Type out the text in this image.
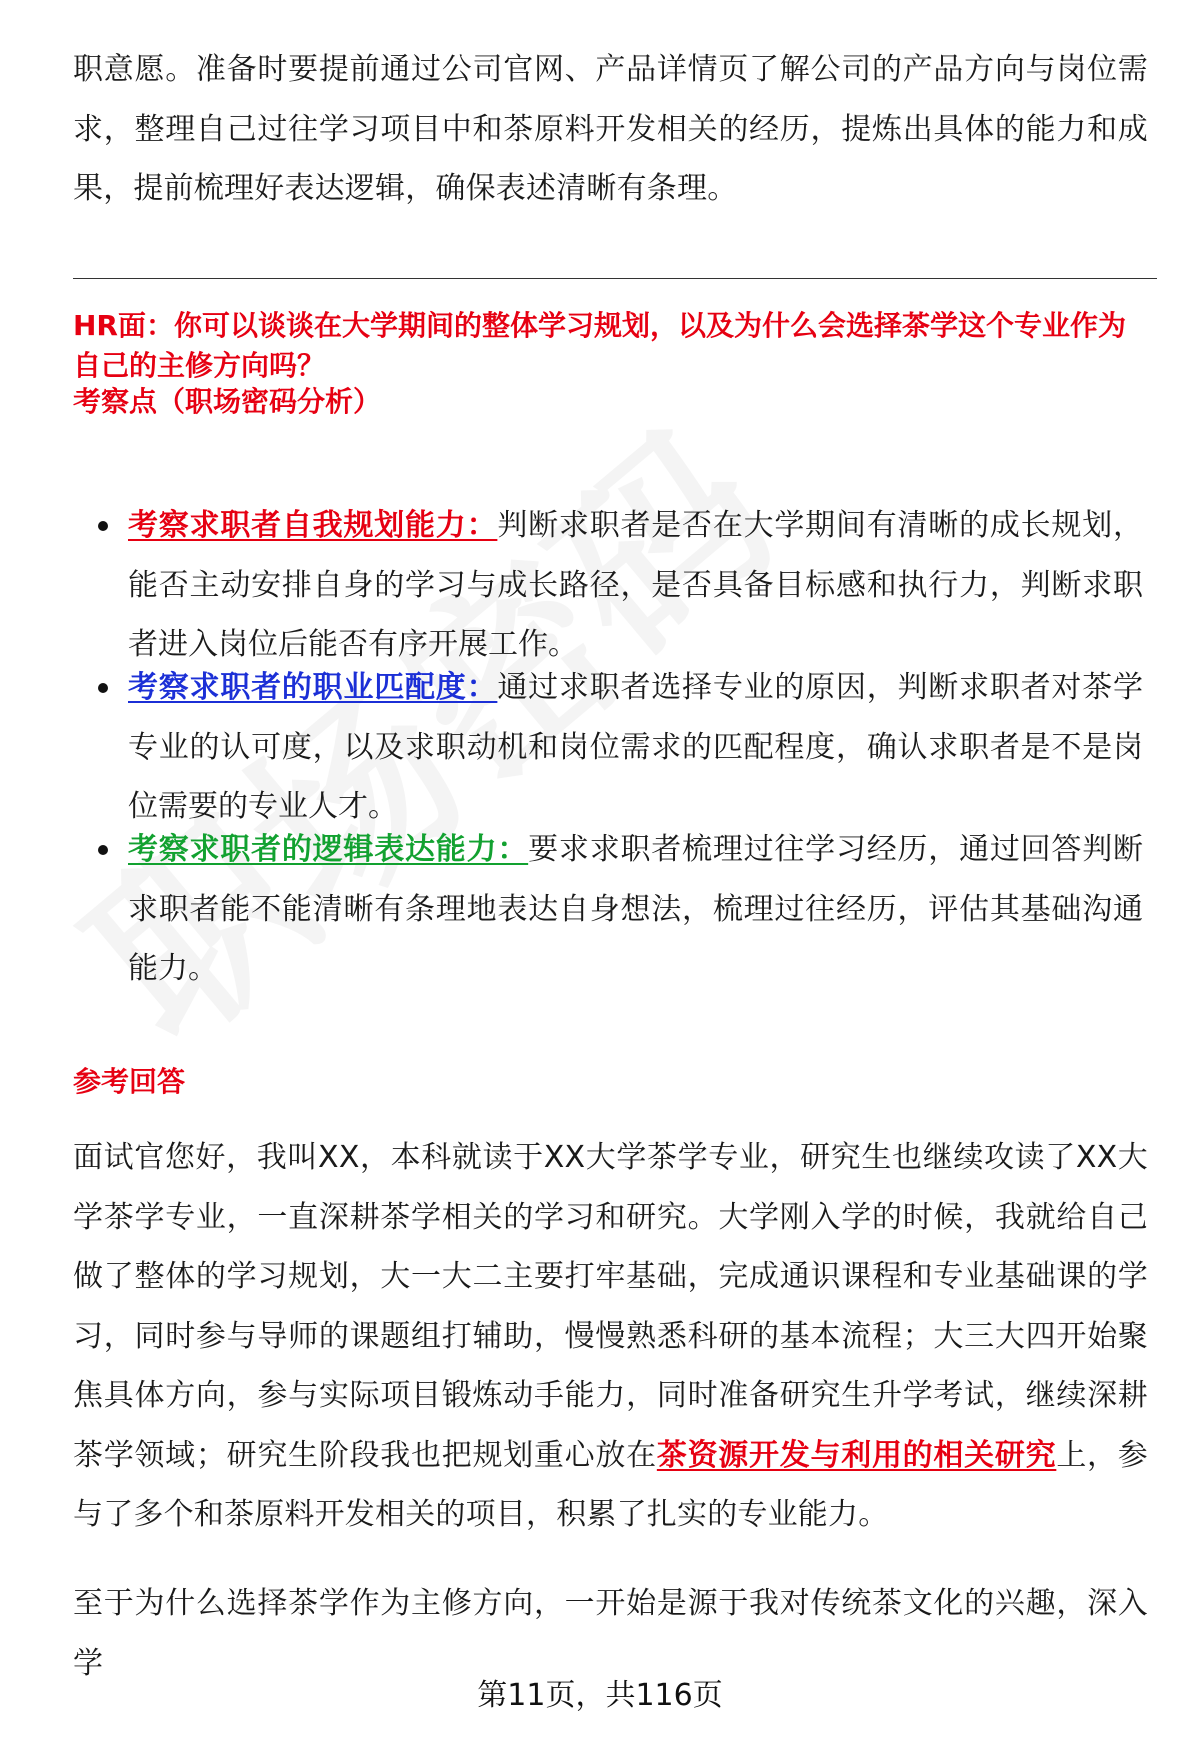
职意愿。准备时要提前通过公司官网、产品详情页了解公司的产品方向与岗位需求，整理自己过往学习项目中和茶原料开发相关的经历，提炼出具体的能力和成果，提前梳理好表达逻辑，确保表述清晰有条理。

HR面：你可以谈谈在大学期间的整体学习规划，以及为什么会选择茶学这个专业作为自己的主修方向吗？

考察点（职场密码分析）

考察求职者自我规划能力：判断求职者是否在大学期间有清晰的成长规划，能否主动安排自身的学习与成长路径，是否具备目标感和执行力，判断求职者进入岗位后能否有序开展工作。

考察求职者的职业匹配度：通过求职者选择专业的原因，判断求职者对茶学专业的认可度，以及求职动机和岗位需求的匹配程度，确认求职者是不是岗位需要的专业人才。

考察求职者的逻辑表达能力：要求求职者梳理过往学习经历，通过回答判断求职者能不能清晰有条理地表达自身想法，梳理过往经历，评估其基础沟通能力。

参考回答

面试官您好，我叫XX，本科就读于XX大学茶学专业，研究生也继续攻读了XX大学茶学专业，一直深耕茶学相关的学习和研究。大学刚入学的时候，我就给自己做了整体的学习规划，大一大二主要打牢基础，完成通识课程和专业基础课的学习，同时参与导师的课题组打辅助，慢慢熟悉科研的基本流程；大三大四开始聚焦具体方向，参与实际项目锻炼动手能力，同时准备研究生升学考试，继续深耕茶学领域；研究生阶段我也把规划重心放在茶资源开发与利用的相关研究上，参与了多个和茶原料开发相关的项目，积累了扎实的专业能力。

至于为什么选择茶学作为主修方向，一开始是源于我对传统茶文化的兴趣，深入学

第11页，共116页
